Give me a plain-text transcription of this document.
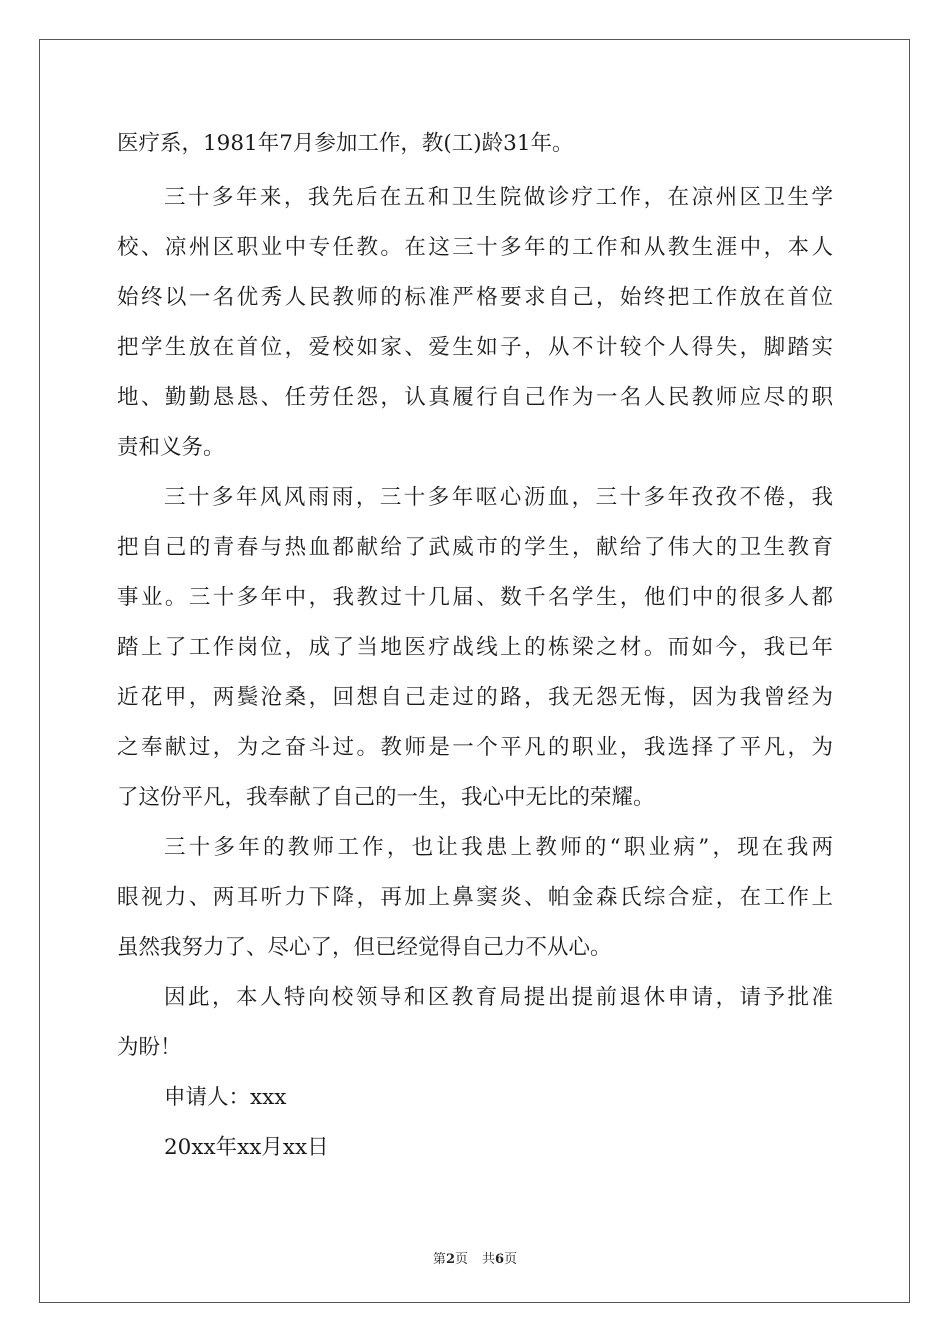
医疗系，1981年7月参加工作，教(工)龄31年。
三十多年来，我先后在五和卫生院做诊疗工作，在凉州区卫生学
校、凉州区职业中专任教。在这三十多年的工作和从教生涯中，本人
始终以一名优秀人民教师的标准严格要求自己，始终把工作放在首位
把学生放在首位，爱校如家、爱生如子，从不计较个人得失，脚踏实
地、勤勤恳恳、任劳任怨，认真履行自己作为一名人民教师应尽的职
责和义务。
三十多年风风雨雨，三十多年呕心沥血，三十多年孜孜不倦，我
把自己的青春与热血都献给了武威市的学生，献给了伟大的卫生教育
事业。三十多年中，我教过十几届、数千名学生，他们中的很多人都
踏上了工作岗位，成了当地医疗战线上的栋梁之材。而如今，我已年
近花甲，两鬓沧桑，回想自己走过的路，我无怨无悔，因为我曾经为
之奉献过，为之奋斗过。教师是一个平凡的职业，我选择了平凡，为
了这份平凡，我奉献了自己的一生，我心中无比的荣耀。
三十多年的教师工作，也让我患上教师的“职业病”，现在我两
眼视力、两耳听力下降，再加上鼻窦炎、帕金森氏综合症，在工作上
虽然我努力了、尽心了，但已经觉得自己力不从心。
因此，本人特向校领导和区教育局提出提前退休申请，请予批准
为盼！
申请人：xxx
20xx年xx月xx日
第2页 共6页
